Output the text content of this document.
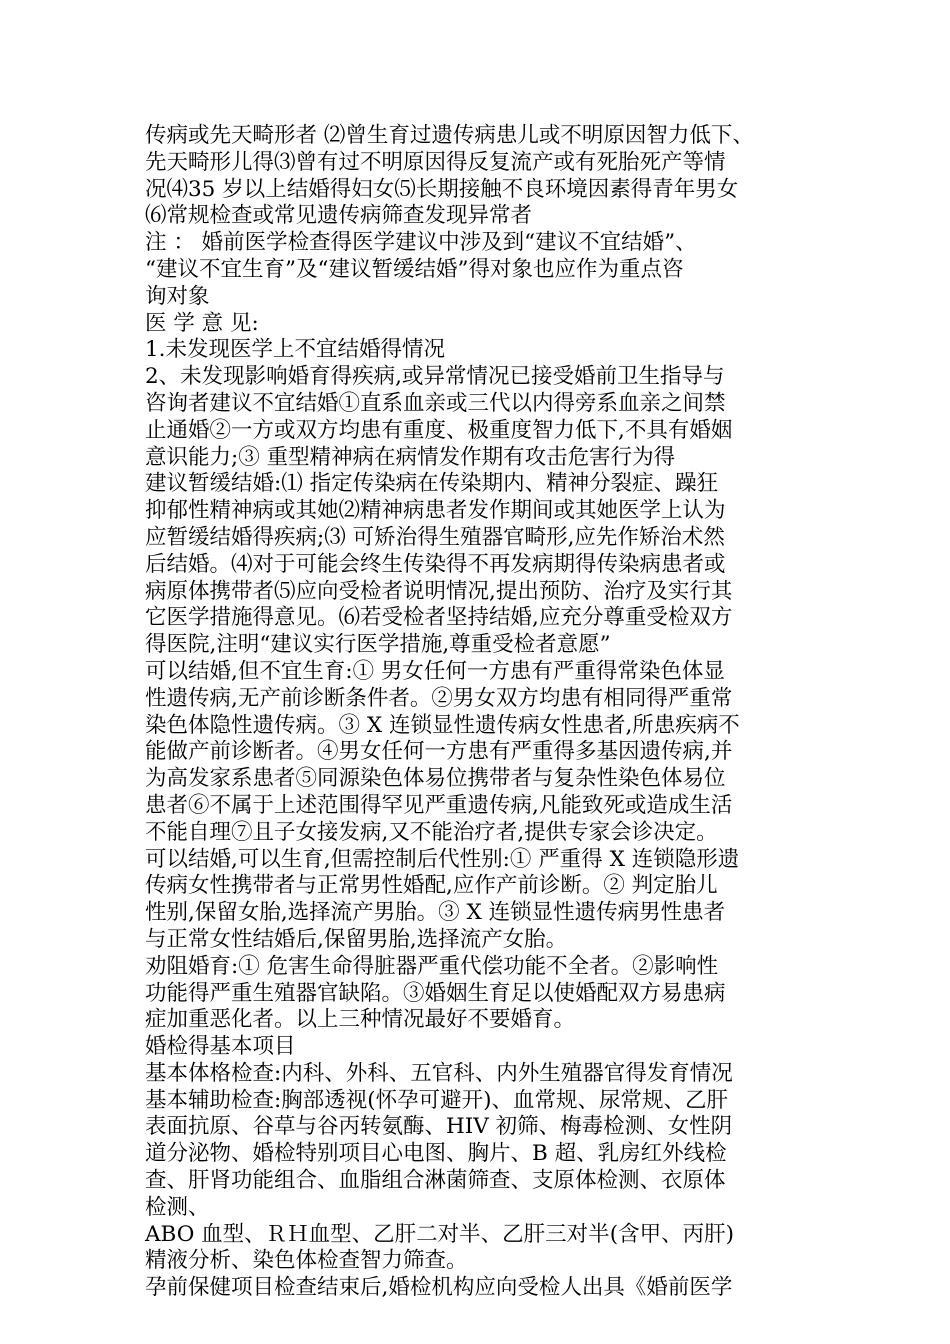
传病或先天畸形者 ⑵曾生育过遗传病患儿或不明原因智力低下、
先天畸形儿得⑶曾有过不明原因得反复流产或有死胎死产等情
况⑷35 岁以上结婚得妇女⑸长期接触不良环境因素得青年男女
⑹常规检查或常见遗传病筛查发现异常者
注 ： 婚前医学检查得医学建议中涉及到“建议不宜结婚”、
“建议不宜生育”及“建议暂缓结婚”得对象也应作为重点咨
询对象
医 学 意 见:
1.未发现医学上不宜结婚得情况
2、未发现影响婚育得疾病,或异常情况已接受婚前卫生指导与
咨询者建议不宜结婚①直系血亲或三代以内得旁系血亲之间禁
止通婚②一方或双方均患有重度、极重度智力低下,不具有婚姻
意识能力;③ 重型精神病在病情发作期有攻击危害行为得
建议暂缓结婚:⑴ 指定传染病在传染期内、精神分裂症、躁狂
抑郁性精神病或其她⑵精神病患者发作期间或其她医学上认为
应暂缓结婚得疾病;⑶ 可矫治得生殖器官畸形,应先作矫治术然
后结婚。⑷对于可能会终生传染得不再发病期得传染病患者或
病原体携带者⑸应向受检者说明情况,提出预防、治疗及实行其
它医学措施得意见。⑹若受检者坚持结婚,应充分尊重受检双方
得医院,注明“建议实行医学措施,尊重受检者意愿”
可以结婚,但不宜生育:① 男女任何一方患有严重得常染色体显
性遗传病,无产前诊断条件者。②男女双方均患有相同得严重常
染色体隐性遗传病。③ X 连锁显性遗传病女性患者,所患疾病不
能做产前诊断者。④男女任何一方患有严重得多基因遗传病,并
为高发家系患者⑤同源染色体易位携带者与复杂性染色体易位
患者⑥不属于上述范围得罕见严重遗传病,凡能致死或造成生活
不能自理⑦且子女接发病,又不能治疗者,提供专家会诊决定。
可以结婚,可以生育,但需控制后代性别:① 严重得 X 连锁隐形遗
传病女性携带者与正常男性婚配,应作产前诊断。② 判定胎儿
性别,保留女胎,选择流产男胎。③ X 连锁显性遗传病男性患者
与正常女性结婚后,保留男胎,选择流产女胎。
劝阻婚育:① 危害生命得脏器严重代偿功能不全者。②影响性
功能得严重生殖器官缺陷。③婚姻生育足以使婚配双方易患病
症加重恶化者。以上三种情况最好不要婚育。
婚检得基本项目
基本体格检查:内科、外科、五官科、内外生殖器官得发育情况
基本辅助检查:胸部透视(怀孕可避开)、血常规、尿常规、乙肝
表面抗原、谷草与谷丙转氨酶、HIV 初筛、梅毒检测、女性阴
道分泌物、婚检特别项目心电图、胸片、B 超、乳房红外线检
查、肝肾功能组合、血脂组合淋菌筛查、支原体检测、衣原体
检测、
ABO 血型、ＲＨ血型、乙肝二对半、乙肝三对半(含甲、丙肝)
精液分析、染色体检查智力筛查。
孕前保健项目检查结束后,婚检机构应向受检人出具《婚前医学
